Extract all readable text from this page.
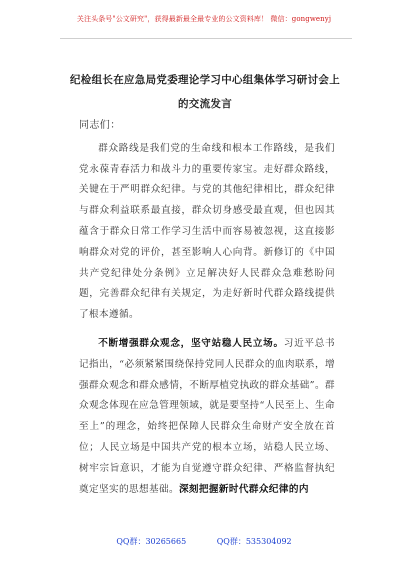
关注头条号"公文研究"，获得最新最全最专业的公文资料库！ 微信：gongwenyj
纪检组长在应急局党委理论学习中心组集体学习研讨会上
的交流发言

同志们：

群众路线是我们党的生命线和根本工作路线，是我们党永葆青春活力和战斗力的重要传家宝。走好群众路线，关键在于严明群众纪律。与党的其他纪律相比，群众纪律与群众利益联系最直接，群众切身感受最直观，但也因其蕴含于群众日常工作学习生活中而容易被忽视，这直接影响群众对党的评价，甚至影响人心向背。新修订的《中国共产党纪律处分条例》立足解决好人民群众急难愁盼问题，完善群众纪律有关规定，为走好新时代群众路线提供了根本遵循。

不断增强群众观念，坚守站稳人民立场。习近平总书记指出，“必须紧紧围绕保持党同人民群众的血肉联系，增强群众观念和群众感情，不断厚植党执政的群众基础”。群众观念体现在应急管理领域，就是要坚持“人民至上、生命至上”的理念，始终把保障人民群众生命财产安全放在首位；人民立场是中国共产党的根本立场，站稳人民立场、树牢宗旨意识，才能为自觉遵守群众纪律、严格监督执纪奠定坚实的思想基础。深刻把握新时代群众纪律的内

QQ群：30265665	QQ群：535304092
